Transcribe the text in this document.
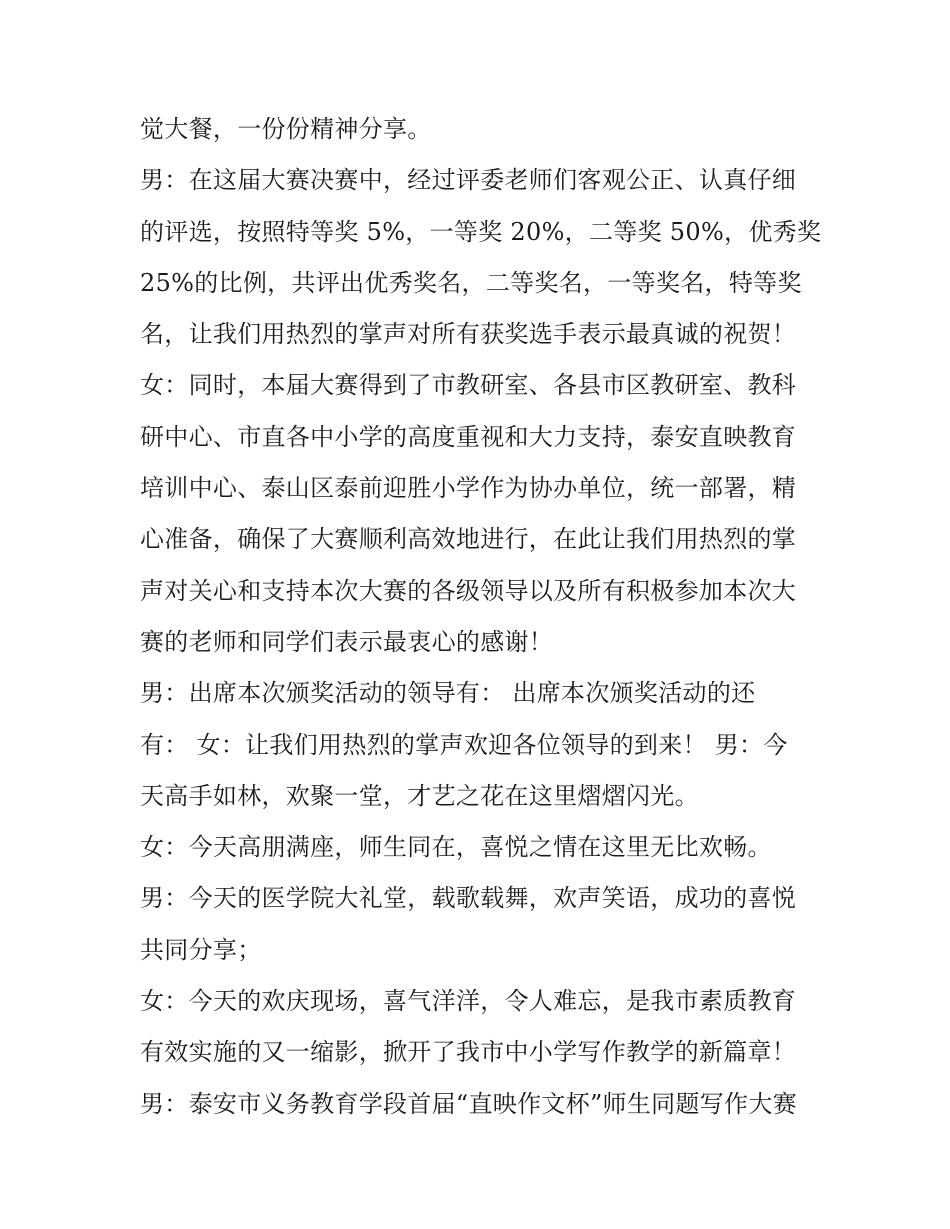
觉大餐，一份份精神分享。
男：在这届大赛决赛中，经过评委老师们客观公正、认真仔细
的评选，按照特等奖 5%，一等奖 20%，二等奖 50%，优秀奖
25%的比例，共评出优秀奖名，二等奖名，一等奖名，特等奖
名，让我们用热烈的掌声对所有获奖选手表示最真诚的祝贺！
女：同时，本届大赛得到了市教研室、各县市区教研室、教科
研中心、市直各中小学的高度重视和大力支持，泰安直映教育
培训中心、泰山区泰前迎胜小学作为协办单位，统一部署，精
心准备，确保了大赛顺利高效地进行，在此让我们用热烈的掌
声对关心和支持本次大赛的各级领导以及所有积极参加本次大
赛的老师和同学们表示最衷心的感谢！
男：出席本次颁奖活动的领导有： 出席本次颁奖活动的还
有： 女：让我们用热烈的掌声欢迎各位领导的到来！ 男：今
天高手如林，欢聚一堂，才艺之花在这里熠熠闪光。
女：今天高朋满座，师生同在，喜悦之情在这里无比欢畅。
男：今天的医学院大礼堂，载歌载舞，欢声笑语，成功的喜悦
共同分享；
女：今天的欢庆现场，喜气洋洋，令人难忘，是我市素质教育
有效实施的又一缩影，掀开了我市中小学写作教学的新篇章！
男：泰安市义务教育学段首届“直映作文杯”师生同题写作大赛
